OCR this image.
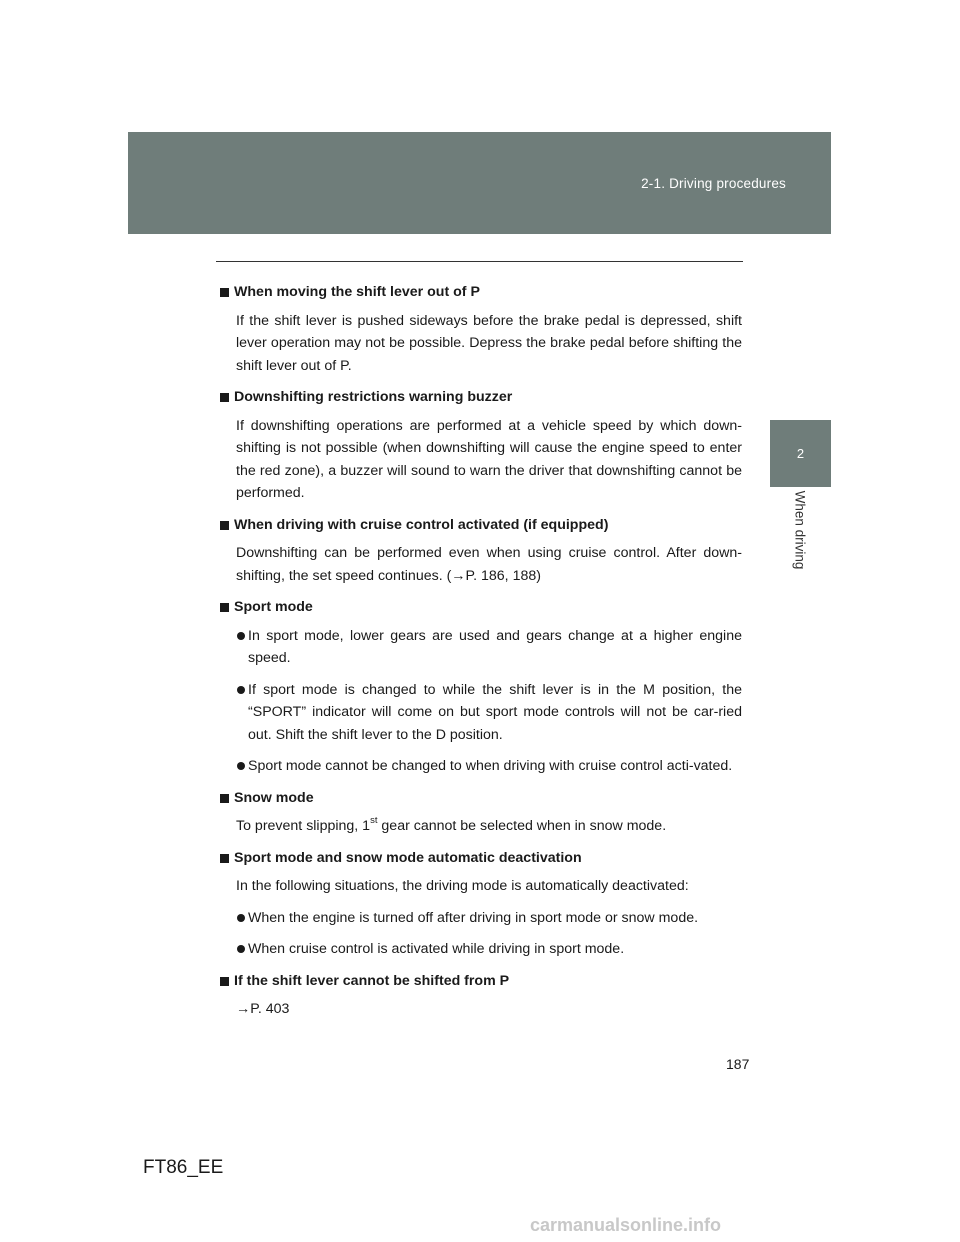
2-1. Driving procedures
2
When driving
When moving the shift lever out of P

If the shift lever is pushed sideways before the brake pedal is depressed, shift lever operation may not be possible. Depress the brake pedal before shifting the shift lever out of P.

Downshifting restrictions warning buzzer

If downshifting operations are performed at a vehicle speed by which down-shifting is not possible (when downshifting will cause the engine speed to enter the red zone), a buzzer will sound to warn the driver that downshifting cannot be performed.

When driving with cruise control activated (if equipped)

Downshifting can be performed even when using cruise control. After down-shifting, the set speed continues. (→P. 186, 188)

Sport mode
In sport mode, lower gears are used and gears change at a higher engine speed.
If sport mode is changed to while the shift lever is in the M position, the “SPORT” indicator will come on but sport mode controls will not be car-ried out. Shift the shift lever to the D position.
Sport mode cannot be changed to when driving with cruise control acti-vated.
Snow mode

To prevent slipping, 1st gear cannot be selected when in snow mode.

Sport mode and snow mode automatic deactivation

In the following situations, the driving mode is automatically deactivated:

When the engine is turned off after driving in sport mode or snow mode.
When cruise control is activated while driving in sport mode.
If the shift lever cannot be shifted from P

→P. 403

187
FT86_EE
carmanualsonline.info
